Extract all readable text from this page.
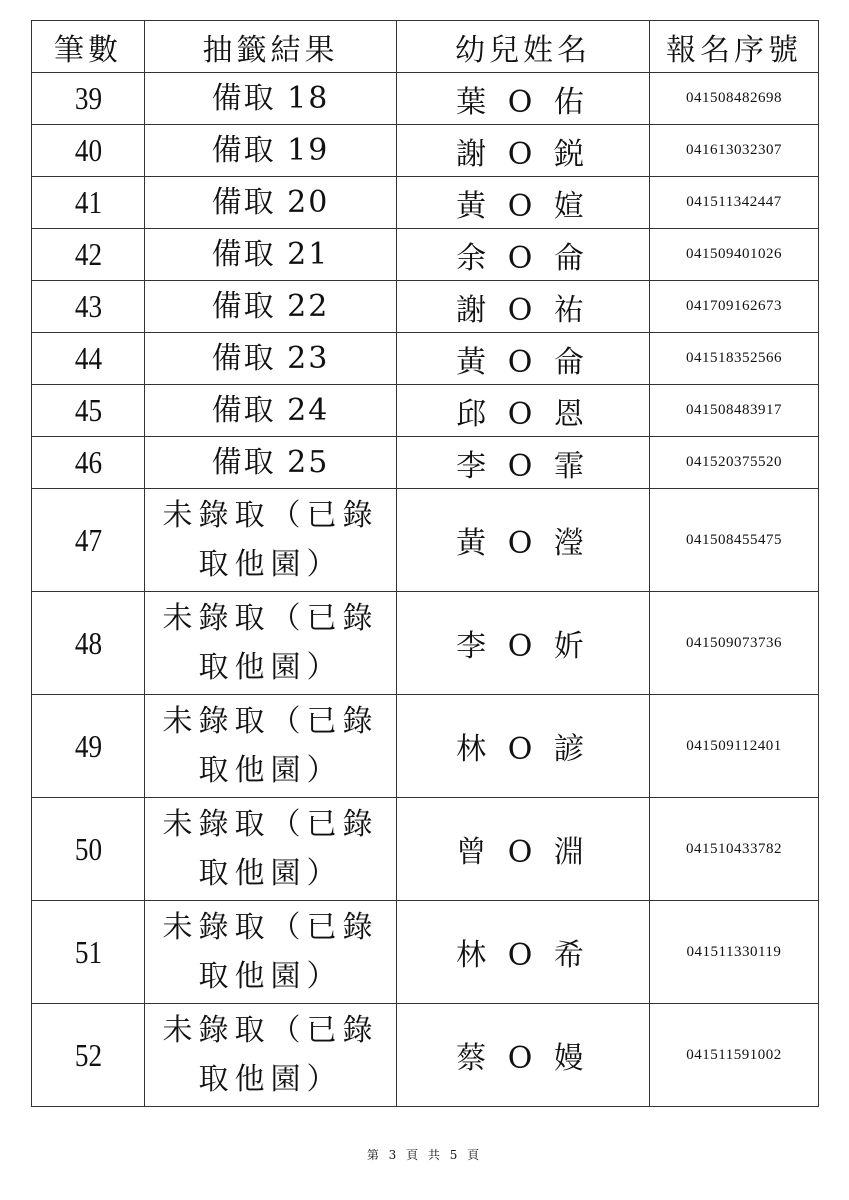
筆數	抽籤結果	幼兒姓名	報名序號
39	備取 18	葉 O 佑	041508482698
40	備取 19	謝 O 鋭	041613032307
41	備取 20	黃 O 媗	041511342447
42	備取 21	余 O 侖	041509401026
43	備取 22	謝 O 祐	041709162673
44	備取 23	黃 O 侖	041518352566
45	備取 24	邱 O 恩	041508483917
46	備取 25	李 O 霏	041520375520
47	未錄取（已錄取他園）	黃 O 瀅	041508455475
48	未錄取（已錄取他園）	李 O 妡	041509073736
49	未錄取（已錄取他園）	林 O 諺	041509112401
50	未錄取（已錄取他園）	曾 O 淵	041510433782
51	未錄取（已錄取他園）	林 O 希	041511330119
52	未錄取（已錄取他園）	蔡 O 嫚	041511591002
第 3 頁 共 5 頁
